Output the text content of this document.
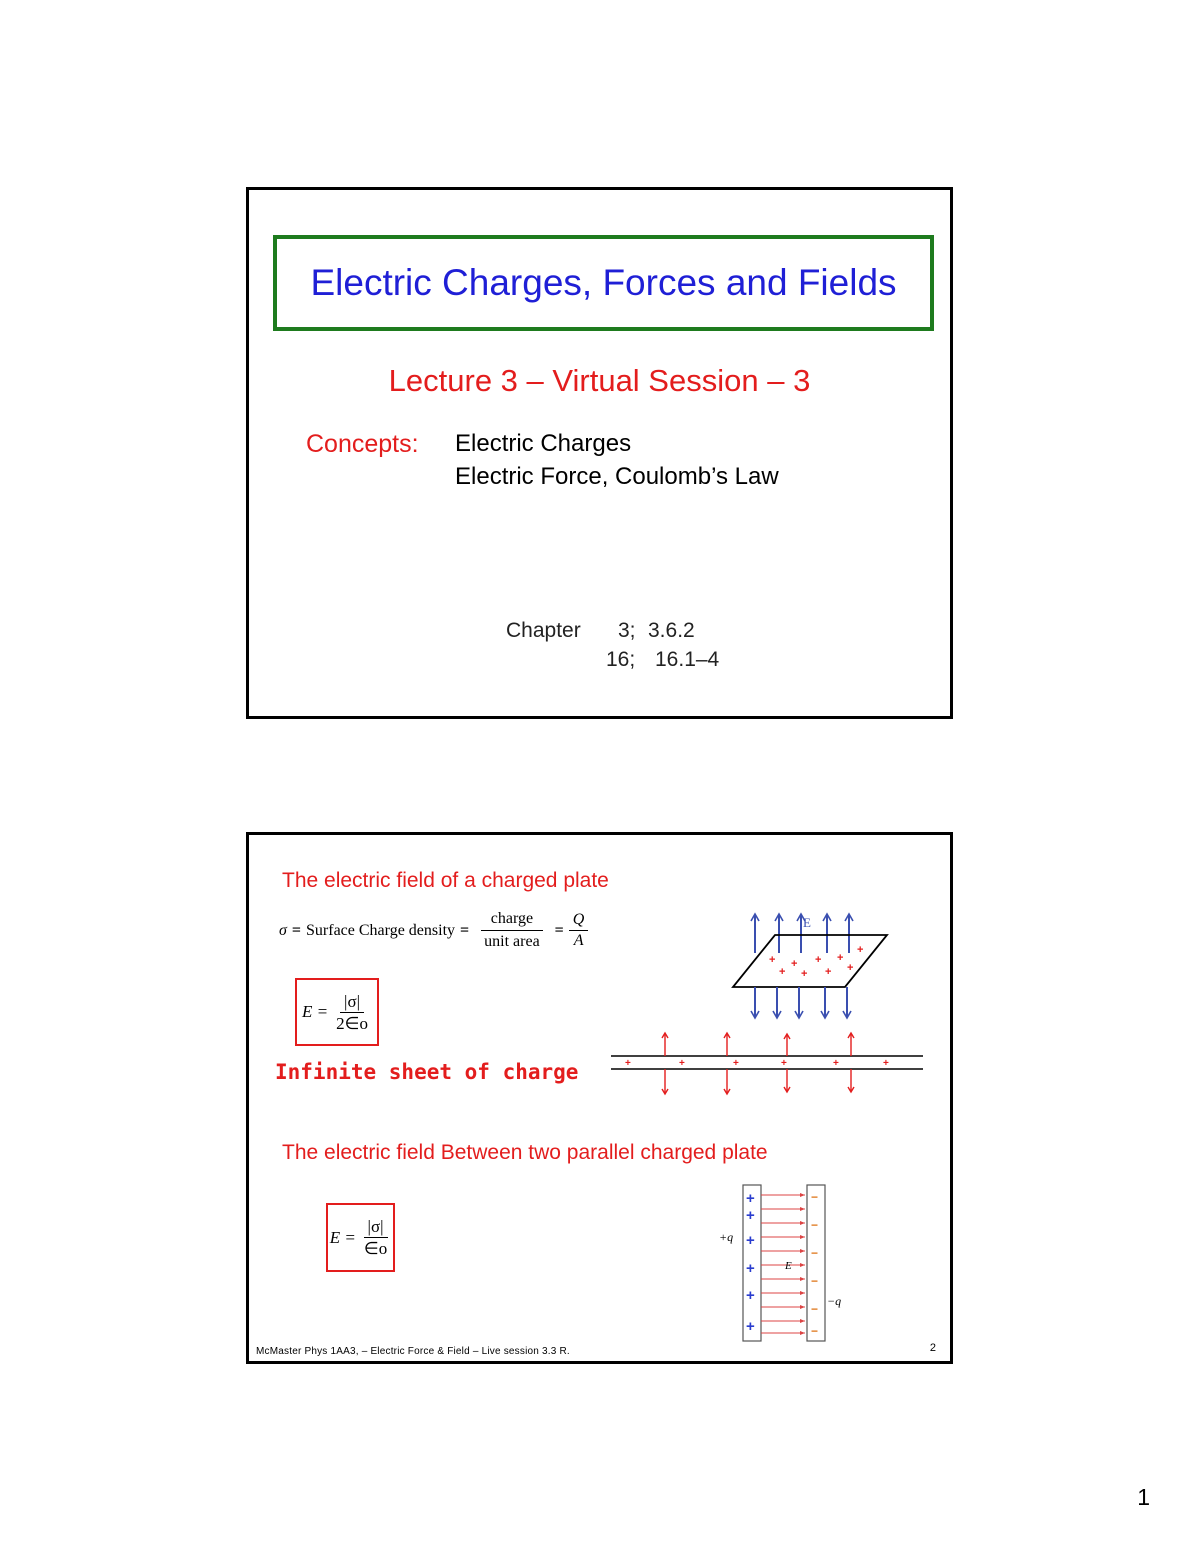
Electric Charges, Forces and Fields
Lecture 3 – Virtual Session – 3
Concepts: Electric Charges
Electric Force, Coulomb’s Law
Chapter 3; 3.6.2
16; 16.1–4
The electric field of a charged plate
σ = Surface Charge density = $\frac{\text{charge}}{\text{unit area}} = \frac{Q}{A}$
$E = \frac{|\sigma|}{2\in o}$
Infinite sheet of charge
+ + + +
+
+
+
+
+
E
+	+	+	+	+	+
The electric field Between two parallel charged plate
$E = \frac{|\sigma|}{\in o}$
+
+
+
+
+
+
−
−
−
−
−
−
+q
−q
E
McMaster Phys 1AA3, – Electric Force & Field – Live session 3.3 R.	2
1
